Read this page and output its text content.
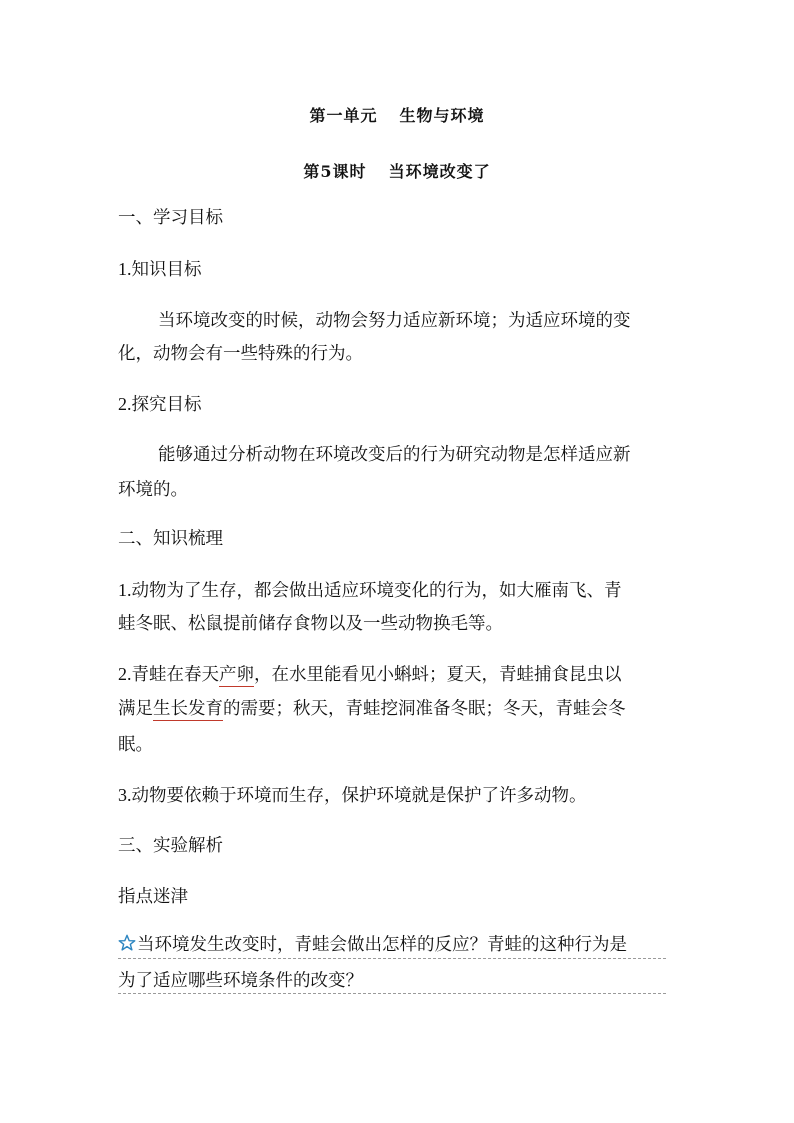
第一单元 生物与环境
第5课时 当环境改变了
一、学习目标
1.知识目标
当环境改变的时候，动物会努力适应新环境；为适应环境的变
化，动物会有一些特殊的行为。
2.探究目标
能够通过分析动物在环境改变后的行为研究动物是怎样适应新
环境的。
二、知识梳理
1.动物为了生存，都会做出适应环境变化的行为，如大雁南飞、青
蛙冬眠、松鼠提前储存食物以及一些动物换毛等。
2.青蛙在春天产卵，在水里能看见小蝌蚪；夏天，青蛙捕食昆虫以
满足生长发育的需要；秋天，青蛙挖洞准备冬眠；冬天，青蛙会冬
眠。
3.动物要依赖于环境而生存，保护环境就是保护了许多动物。
三、实验解析
指点迷津
当环境发生改变时，青蛙会做出怎样的反应？青蛙的这种行为是
为了适应哪些环境条件的改变？
